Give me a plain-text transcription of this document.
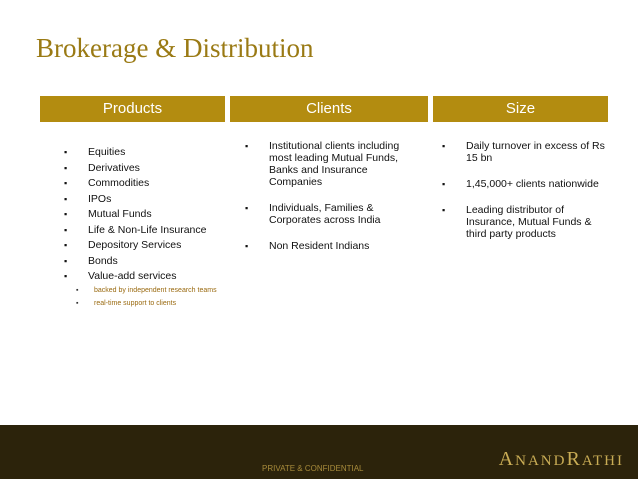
Brokerage & Distribution
Products	Clients	Size
▪ Equities
▪ Derivatives
▪ Commodities
▪ IPOs
▪ Mutual Funds
▪ Life & Non-Life Insurance
▪ Depository Services
▪ Bonds
▪ Value-add services
▪ backed by independent research teams
▪ real-time support to clients
▪ Institutional clients including most leading Mutual Funds, Banks and Insurance Companies
▪ Individuals, Families & Corporates across India
▪ Non Resident Indians
▪ Daily turnover in excess of Rs 15 bn
▪ 1,45,000+ clients nationwide
▪ Leading distributor of Insurance, Mutual Funds & third party products
PRIVATE & CONFIDENTIAL	ANANDRATHI
